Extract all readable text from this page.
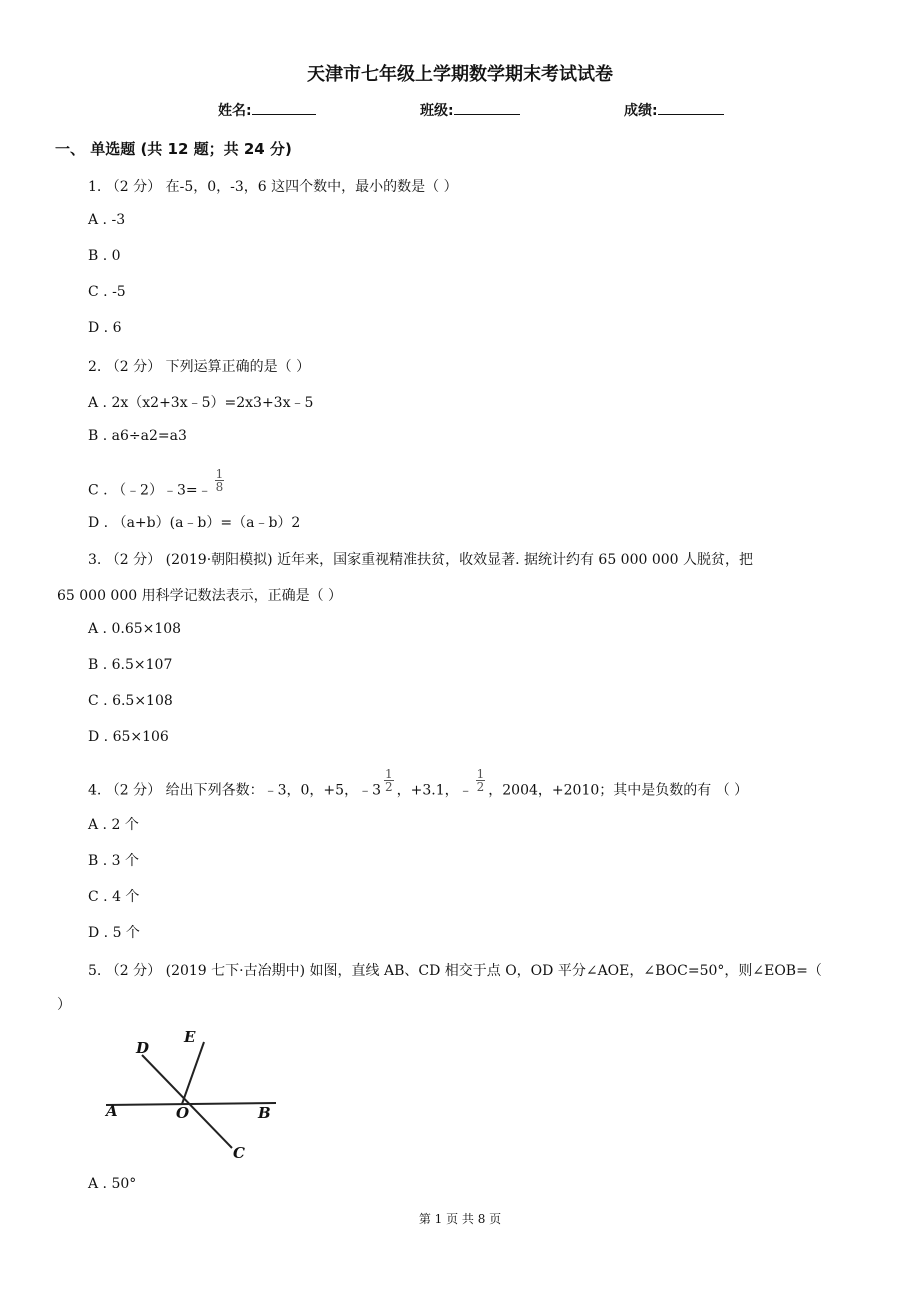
天津市七年级上学期数学期末考试试卷
姓名:	班级:	成绩:
一、 单选题 (共 12 题；共 24 分)
1. （2 分） 在-5，0，-3，6 这四个数中，最小的数是（ ）
A . -3
B . 0
C . -5
D . 6
2. （2 分） 下列运算正确的是（ ）
A . 2x（x2+3x﹣5）=2x3+3x﹣5
B . a6÷a2=a3
C . （﹣2）﹣3=﹣ $\frac{1}{8}$
D . （a+b）(a﹣b）=（a﹣b）2
3. （2 分） (2019·朝阳模拟) 近年来，国家重视精准扶贫，收效显著. 据统计约有 65 000 000 人脱贫，把
65 000 000 用科学记数法表示，正确是（ ）
A . 0.65×108
B . 6.5×107
C . 6.5×108
D . 65×106
4. （2 分） 给出下列各数：﹣3，0，+5，﹣3 $\frac{1}{2}$ ，+3.1，﹣ $\frac{1}{2}$ ，2004，+2010；其中是负数的有 （ ）
A . 2 个
B . 3 个
C . 4 个
D . 5 个
5. （2 分） (2019 七下·古冶期中) 如图，直线 AB、CD 相交于点 O，OD 平分∠AOE，∠BOC=50°，则∠EOB=（
）
D
E
A	O	B
C
A . 50°
第 1 页 共 8 页
